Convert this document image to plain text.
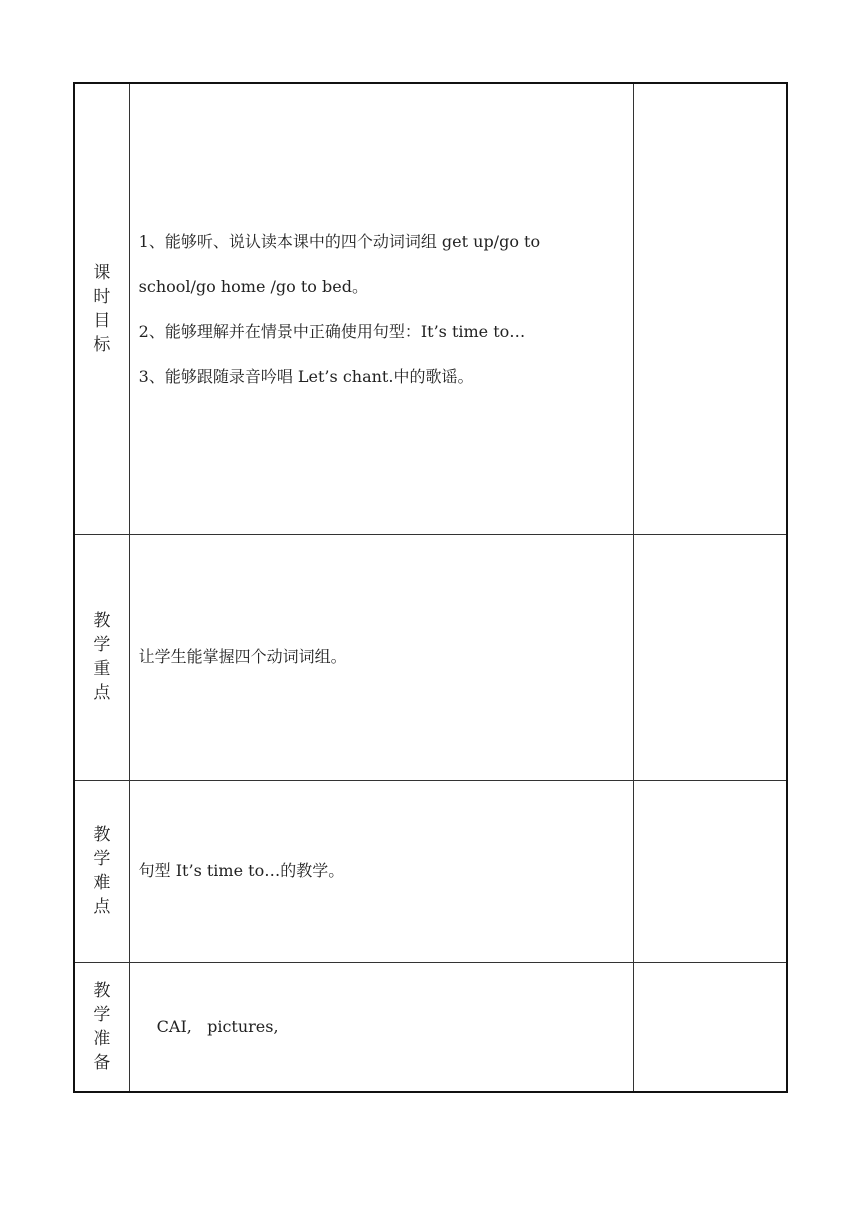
课时目标	1、能够听、说认读本课中的四个动词词组 get up/go to
school/go home /go to bed。
2、能够理解并在情景中正确使用句型：It’s time to…
3、能够跟随录音吟唱 Let’s chant.中的歌谣。	

教学重点	让学生能掌握四个动词词组。	

教学难点	句型 It’s time to…的教学。	

教学准备	CAI,   pictures,	
